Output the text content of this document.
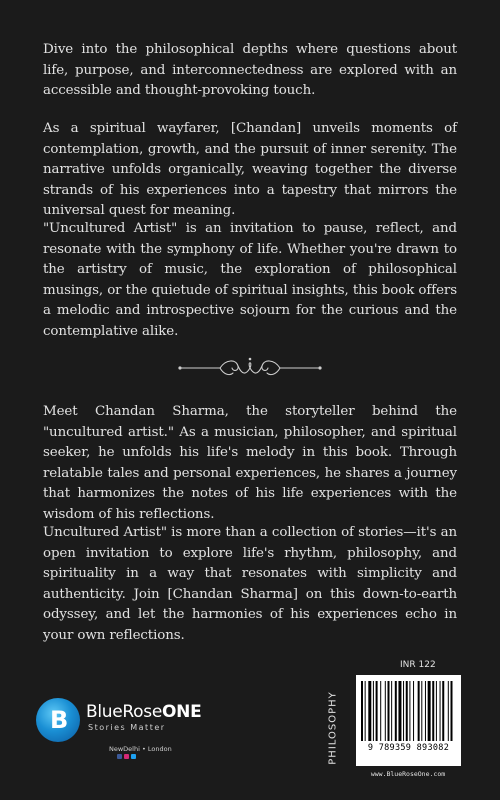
Dive into the philosophical depths where questions about life, purpose, and interconnectedness are explored with an accessible and thought-provoking touch.

As a spiritual wayfarer, [Chandan] unveils moments of contemplation, growth, and the pursuit of inner serenity. The narrative unfolds organically, weaving together the diverse strands of his experiences into a tapestry that mirrors the universal quest for meaning.

"Uncultured Artist" is an invitation to pause, reflect, and resonate with the symphony of life. Whether you're drawn to the artistry of music, the exploration of philosophical musings, or the quietude of spiritual insights, this book offers a melodic and introspective sojourn for the curious and the contemplative alike.

Meet Chandan Sharma, the storyteller behind the "uncultured artist." As a musician, philosopher, and spiritual seeker, he unfolds his life's melody in this book. Through relatable tales and personal experiences, he shares a journey that harmonizes the notes of his life experiences with the wisdom of his reflections.

Uncultured Artist" is more than a collection of stories—it's an open invitation to explore life's rhythm, philosophy, and spirituality in a way that resonates with simplicity and authenticity. Join [Chandan Sharma] on this down-to-earth odyssey, and let the harmonies of his experiences echo in your own reflections.

B BlueRoseONE
Stories Matter
NewDelhi • London	PHILOSOPHY
INR 122
9 789359 893082
www.BlueRoseOne.com
